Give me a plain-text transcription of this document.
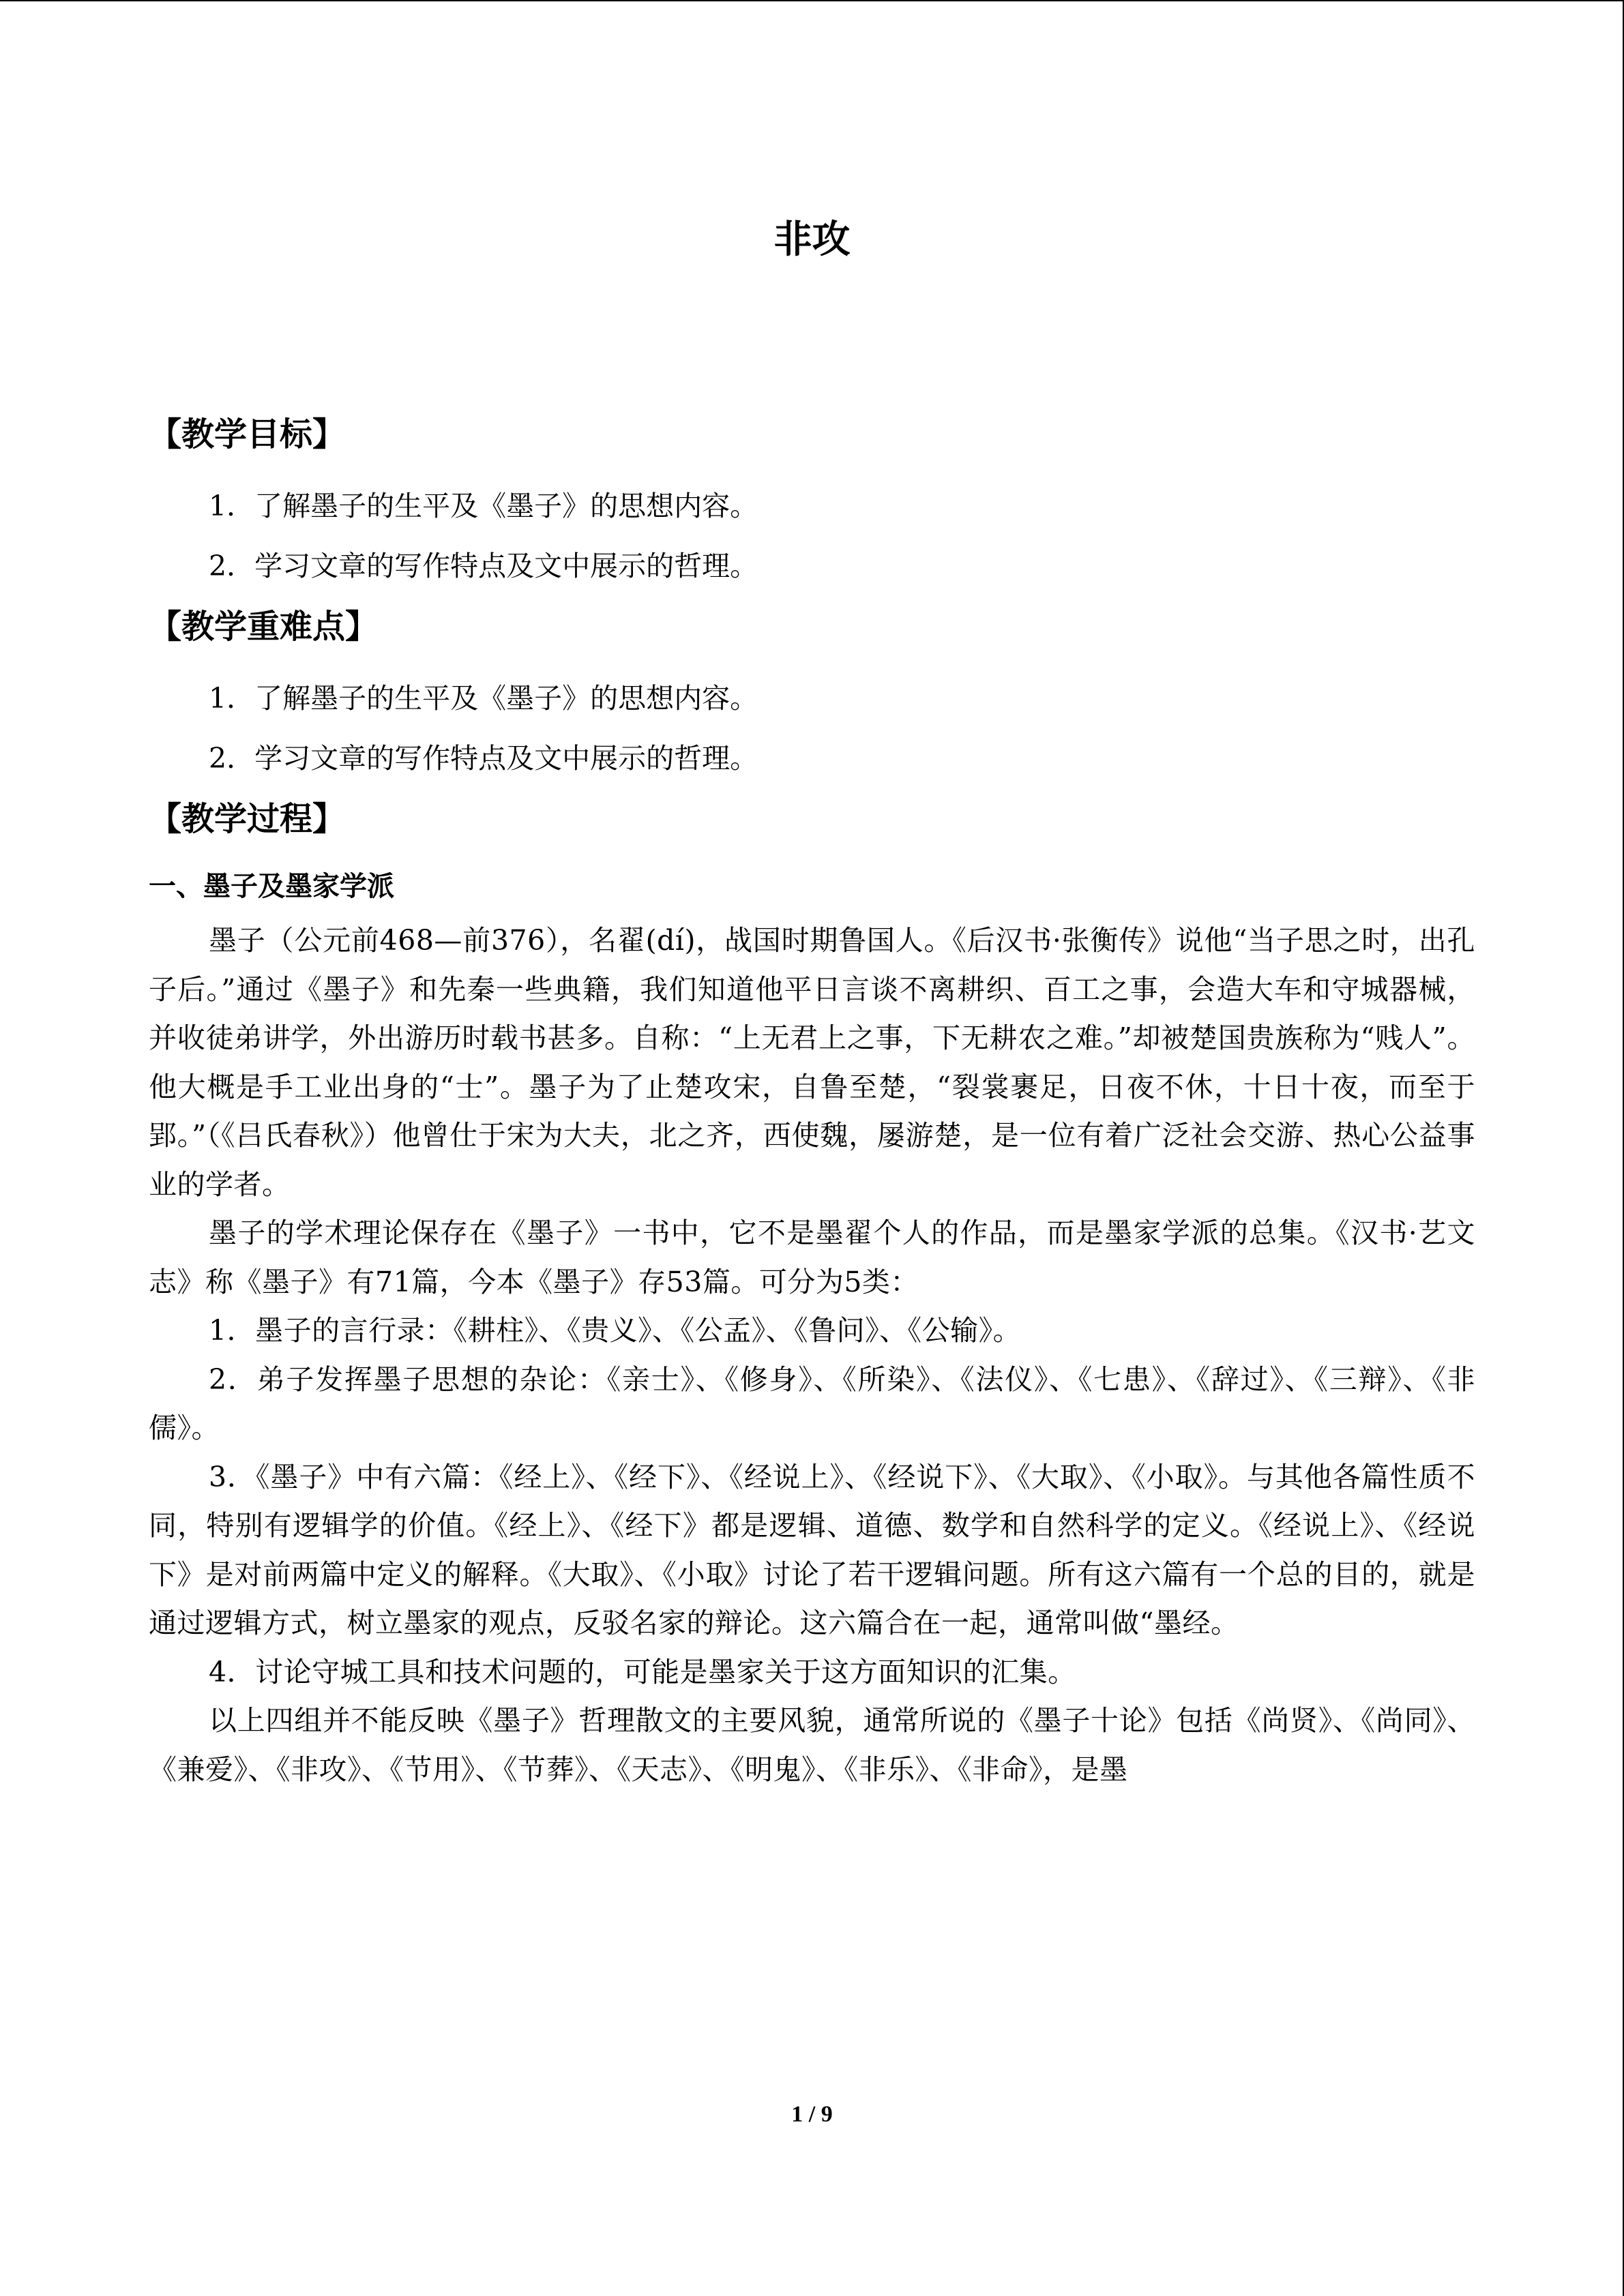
非攻
【教学目标】

1．了解墨子的生平及《墨子》的思想内容。

2．学习文章的写作特点及文中展示的哲理。

【教学重难点】

1．了解墨子的生平及《墨子》的思想内容。

2．学习文章的写作特点及文中展示的哲理。

【教学过程】
一、墨子及墨家学派

墨子（公元前468—前376），名翟(dí)，战国时期鲁国人。《后汉书·张衡传》说他“当子思之时，出孔子后。”通过《墨子》和先秦一些典籍，我们知道他平日言谈不离耕织、百工之事，会造大车和守城器械，并收徒弟讲学，外出游历时载书甚多。自称：“上无君上之事，下无耕农之难。”却被楚国贵族称为“贱人”。他大概是手工业出身的“士”。墨子为了止楚攻宋，自鲁至楚，“裂裳裹足，日夜不休，十日十夜，而至于郢。”（《吕氏春秋》）他曾仕于宋为大夫，北之齐，西使魏，屡游楚，是一位有着广泛社会交游、热心公益事业的学者。

墨子的学术理论保存在《墨子》一书中，它不是墨翟个人的作品，而是墨家学派的总集。《汉书·艺文志》称《墨子》有71篇，今本《墨子》存53篇。可分为5类：

1．墨子的言行录：《耕柱》、《贵义》、《公孟》、《鲁问》、《公输》。

2．弟子发挥墨子思想的杂论：《亲士》、《修身》、《所染》、《法仪》、《七患》、《辞过》、《三辩》、《非儒》。

3．《墨子》中有六篇：《经上》、《经下》、《经说上》、《经说下》、《大取》、《小取》。与其他各篇性质不同，特别有逻辑学的价值。《经上》、《经下》都是逻辑、道德、数学和自然科学的定义。《经说上》、《经说下》是对前两篇中定义的解释。《大取》、《小取》讨论了若干逻辑问题。所有这六篇有一个总的目的，就是通过逻辑方式，树立墨家的观点，反驳名家的辩论。这六篇合在一起，通常叫做“墨经。

4．讨论守城工具和技术问题的，可能是墨家关于这方面知识的汇集。

以上四组并不能反映《墨子》哲理散文的主要风貌，通常所说的《墨子十论》包括《尚贤》、《尚同》、《兼爱》、《非攻》、《节用》、《节葬》、《天志》、《明鬼》、《非乐》、《非命》，是墨

1 / 9
